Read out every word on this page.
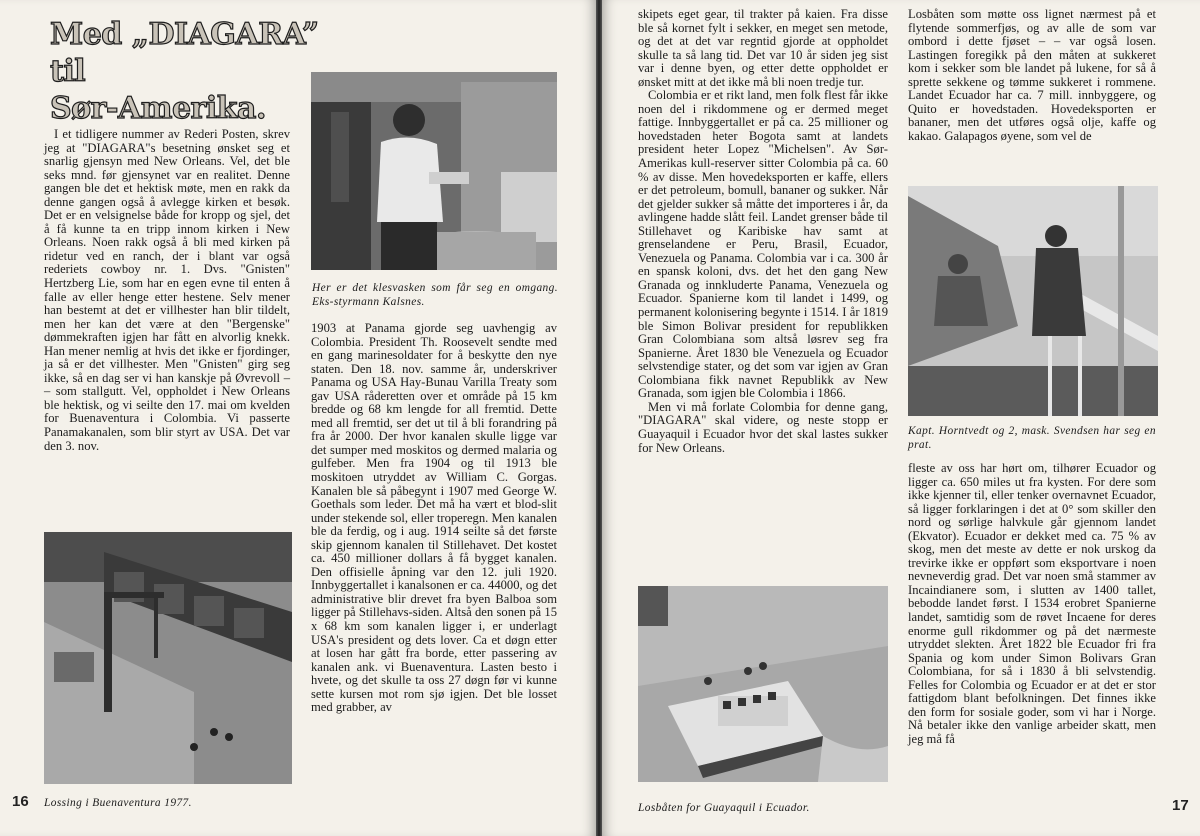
Med „DIAGARA” til
Sør-Amerika.

I et tidligere nummer av Rederi Posten, skrev jeg at "DIAGARA"s besetning ønsket seg et snarlig gjensyn med New Orleans. Vel, det ble seks mnd. før gjensynet var en realitet. Denne gangen ble det et hektisk møte, men en rakk da denne gangen også å avlegge kirken et besøk. Det er en velsignelse både for kropp og sjel, det å få kunne ta en tripp innom kirken i New Orleans. Noen rakk også å bli med kirken på ridetur ved en ranch, der i blant var også rederiets cowboy nr. 1. Dvs. "Gnisten" Hertzberg Lie, som har en egen evne til enten å falle av eller henge etter hestene. Selv mener han bestemt at det er villhester han blir tildelt, men her kan det være at den "Bergenske" dømmekraften igjen har fått en alvorlig knekk. Han mener nemlig at hvis det ikke er fjordinger, ja så er det villhester. Men "Gnisten" girg seg ikke, så en dag ser vi han kanskje på Øvrevoll – – som stallgutt. Vel, oppholdet i New Orleans ble hektisk, og vi seilte den 17. mai om kvelden for Buenaventura i Colombia. Vi passerte Panamakanalen, som blir styrt av USA. Det var den 3. nov.

Her er det klesvasken som får seg en omgang. Eks-styrmann Kalsnes.

1903 at Panama gjorde seg uavhengig av Colombia. President Th. Roosevelt sendte med en gang marinesoldater for å beskytte den nye staten. Den 18. nov. samme år, underskriver Panama og USA Hay-Bunau Varilla Treaty som gav USA råderetten over et område på 15 km bredde og 68 km lengde for all fremtid. Dette med all fremtid, ser det ut til å bli forandring på fra år 2000. Der hvor kanalen skulle ligge var det sumper med moskitos og dermed malaria og gulfeber. Men fra 1904 og til 1913 ble moskitoen utryddet av William C. Gorgas. Kanalen ble så påbegynt i 1907 med George W. Goethals som leder. Det må ha vært et blod-slit under stekende sol, eller troperegn. Men kanalen ble da ferdig, og i aug. 1914 seilte så det første skip gjennom kanalen til Stillehavet. Det kostet ca. 450 millioner dollars å få bygget kanalen. Den offisielle åpning var den 12. juli 1920. Innbyggertallet i kanalsonen er ca. 44000, og det administrative blir drevet fra byen Balboa som ligger på Stillehavs-siden. Altså den sonen på 15 x 68 km som kanalen ligger i, er underlagt USA's president og dets lover. Ca et døgn etter at losen har gått fra borde, etter passering av kanalen ank. vi Buenaventura. Lasten besto i hvete, og det skulle ta oss 27 døgn før vi kunne sette kursen mot rom sjø igjen. Det ble losset med grabber, av

Lossing i Buenaventura 1977.
16

skipets eget gear, til trakter på kaien. Fra disse ble så kornet fylt i sekker, en meget sen metode, og det at det var regntid gjorde at oppholdet skulle ta så lang tid. Det var 10 år siden jeg sist var i denne byen, og etter dette oppholdet er ønsket mitt at det ikke må bli noen tredje tur.

Colombia er et rikt land, men folk flest får ikke noen del i rikdommene og er dermed meget fattige. Innbyggertallet er på ca. 25 millioner og hovedstaden heter Bogota samt at landets president heter Lopez "Michelsen". Av Sør-Amerikas kull-reserver sitter Colombia på ca. 60 % av disse. Men hovedeksporten er kaffe, ellers er det petroleum, bomull, bananer og sukker. Når det gjelder sukker så måtte det importeres i år, da avlingene hadde slått feil. Landet grenser både til Stillehavet og Karibiske hav samt at grenselandene er Peru, Brasil, Ecuador, Venezuela og Panama. Colombia var i ca. 300 år en spansk koloni, dvs. det het den gang New Granada og innkluderte Panama, Venezuela og Ecuador. Spanierne kom til landet i 1499, og permanent kolonisering begynte i 1514. I år 1819 ble Simon Bolivar president for republikken Gran Colombiana som altså løsrev seg fra Spanierne. Året 1830 ble Venezuela og Ecuador selvstendige stater, og det som var igjen av Gran Colombiana fikk navnet Republikk av New Granada, som igjen ble Colombia i 1866.

Men vi må forlate Colombia for denne gang, "DIAGARA" skal videre, og neste stopp er Guayaquil i Ecuador hvor det skal lastes sukker for New Orleans.

Losbåten for Guayaquil i Ecuador.

Losbåten som møtte oss lignet nærmest på et flytende sommerfjøs, og av alle de som var ombord i dette fjøset – – var også losen. Lastingen foregikk på den måten at sukkeret kom i sekker som ble landet på lukene, for så å sprette sekkene og tømme sukkeret i rommene. Landet Ecuador har ca. 7 mill. innbyggere, og Quito er hovedstaden. Hovedeksporten er bananer, men det utføres også olje, kaffe og kakao. Galapagos øyene, som vel de

Kapt. Horntvedt og 2, mask. Svendsen har seg en prat.

fleste av oss har hørt om, tilhører Ecuador og ligger ca. 650 miles ut fra kysten. For dere som ikke kjenner til, eller tenker overnavnet Ecuador, så ligger forklaringen i det at 0° som skiller den nord og sørlige halvkule går gjennom landet (Ekvator). Ecuador er dekket med ca. 75 % av skog, men det meste av dette er nok urskog da trevirke ikke er oppført som eksportvare i noen nevneverdig grad. Det var noen små stammer av Incaindianere som, i slutten av 1400 tallet, bebodde landet først. I 1534 erobret Spanierne landet, samtidig som de røvet Incaene for deres enorme gull rikdommer og på det nærmeste utryddet slekten. Året 1822 ble Ecuador fri fra Spania og kom under Simon Bolivars Gran Colombiana, for så i 1830 å bli selvstendig. Felles for Colombia og Ecuador er at det er stor fattigdom blant befolkningen. Det finnes ikke den form for sosiale goder, som vi har i Norge. Nå betaler ikke den vanlige arbeider skatt, men jeg må få

17
